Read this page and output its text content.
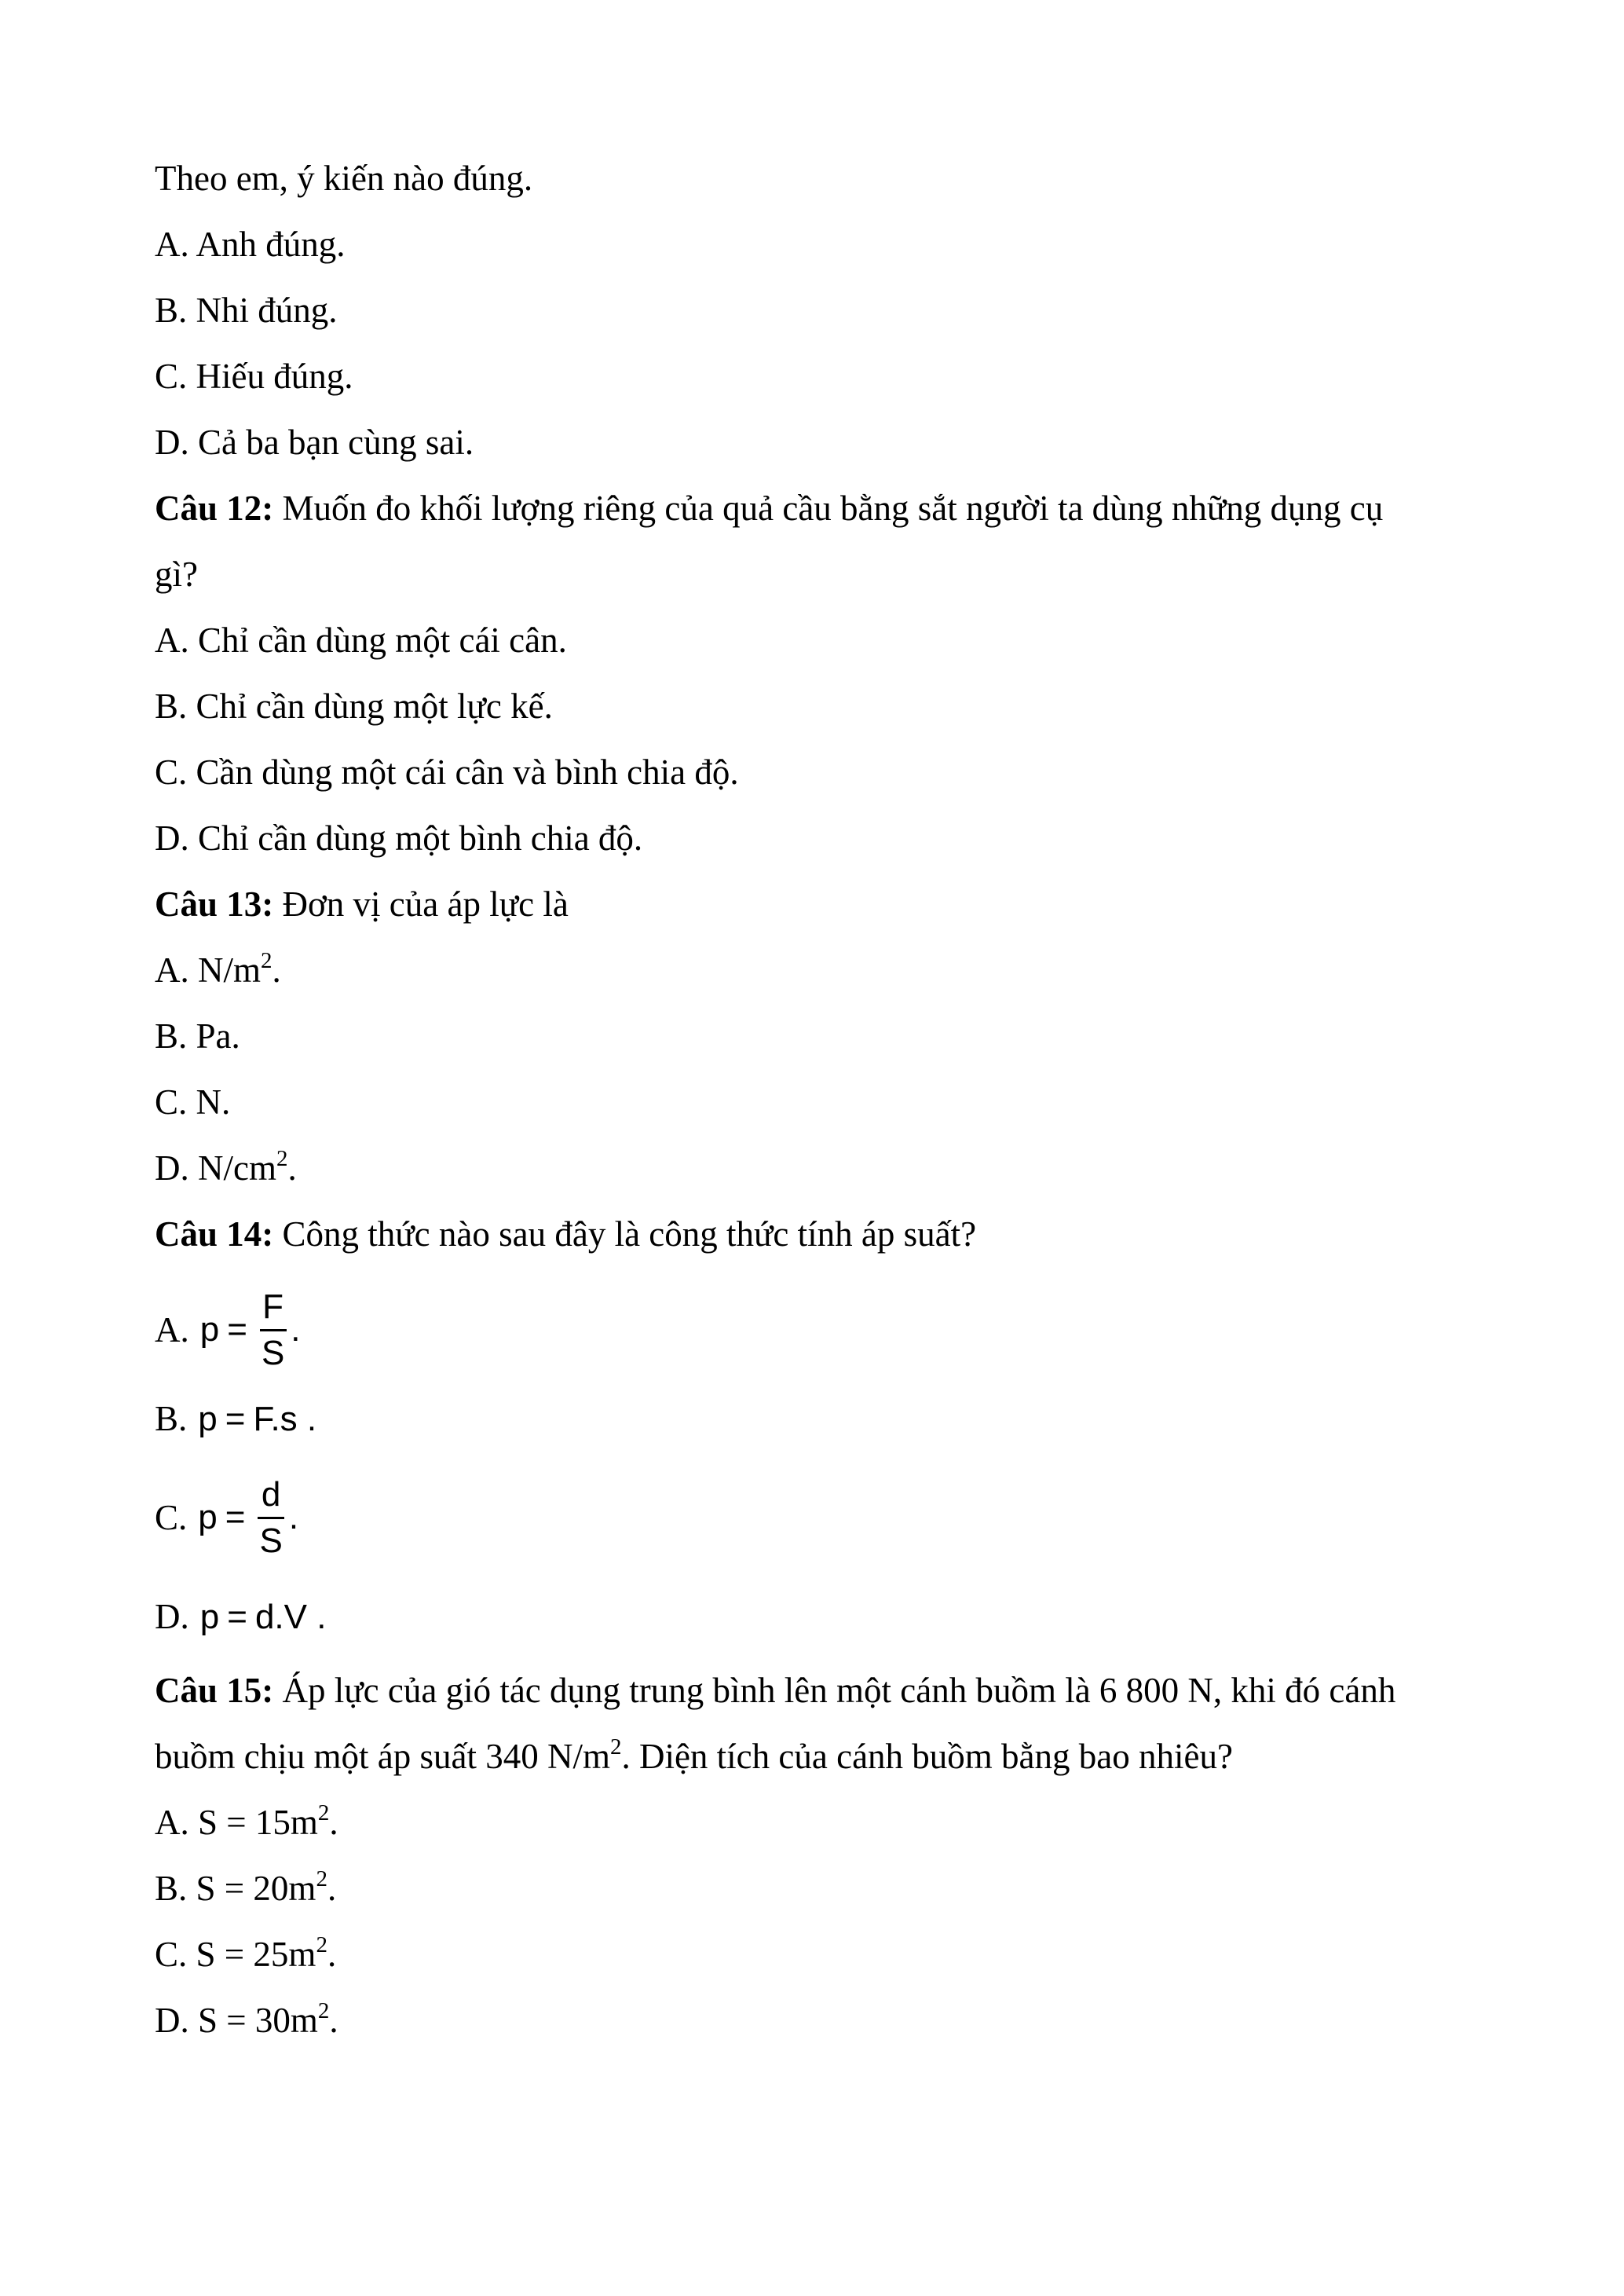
Theo em, ý kiến nào đúng.
A. Anh đúng.
B. Nhi đúng.
C. Hiếu đúng.
D. Cả ba bạn cùng sai.
Câu 12: Muốn đo khối lượng riêng của quả cầu bằng sắt người ta dùng những dụng cụ
gì?
A. Chỉ cần dùng một cái cân.
B. Chỉ cần dùng một lực kế.
C. Cần dùng một cái cân và bình chia độ.
D. Chỉ cần dùng một bình chia độ.
Câu 13: Đơn vị của áp lực là
A. $N/m^2$.
B. Pa.
C. N.
D. $N/cm^2$.
Câu 14: Công thức nào sau đây là công thức tính áp suất?
A. $p = \frac{F}{S}$ .
B. p = F.s .
C. $p = \frac{d}{S}$ .
D. p = d.V .
Câu 15: Áp lực của gió tác dụng trung bình lên một cánh buồm là 6 800 N, khi đó cánh
buồm chịu một áp suất 340 $N/m^2$. Diện tích của cánh buồm bằng bao nhiêu?
A. $S = 15m^2$.
B. $S = 20m^2$.
C. $S = 25m^2$.
D. $S = 30m^2$.
